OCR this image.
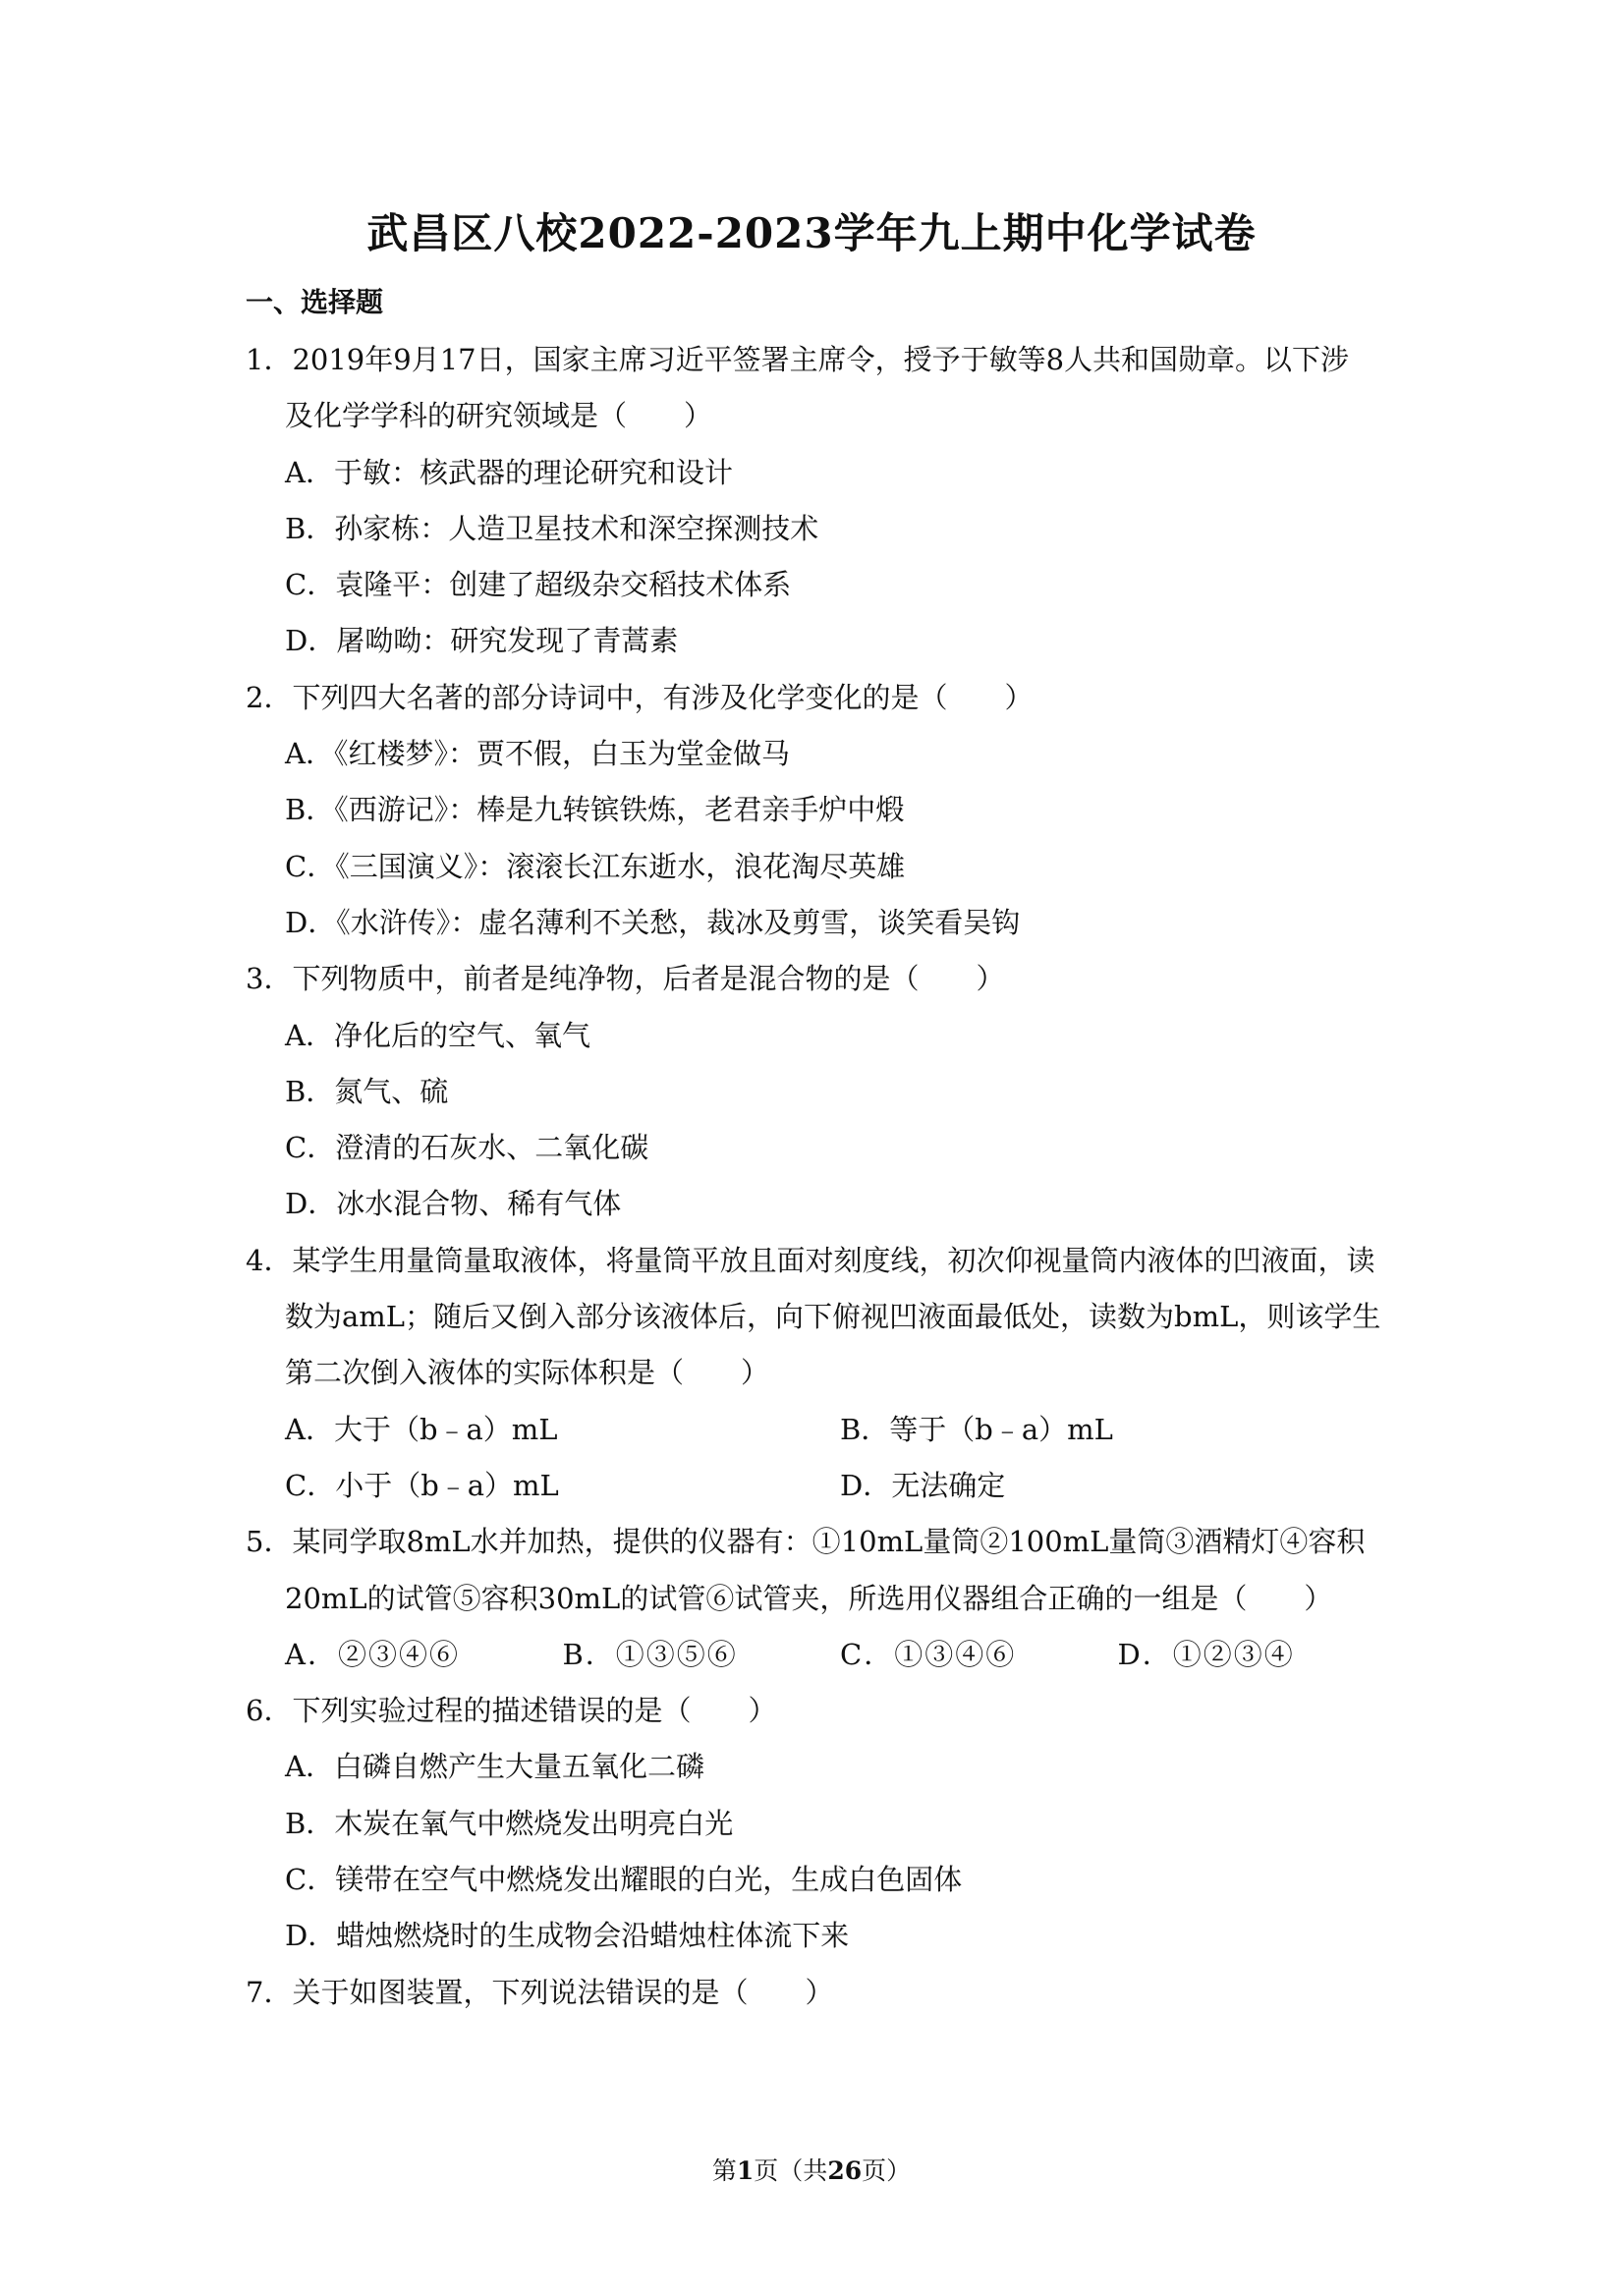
武昌区八校2022-2023学年九上期中化学试卷
一、选择题
1．2019年9月17日，国家主席习近平签署主席令，授予于敏等8人共和国勋章。以下涉
及化学学科的研究领域是（　　）
A．于敏：核武器的理论研究和设计
B．孙家栋：人造卫星技术和深空探测技术
C．袁隆平：创建了超级杂交稻技术体系
D．屠呦呦：研究发现了青蒿素
2．下列四大名著的部分诗词中，有涉及化学变化的是（　　）
A．《红楼梦》：贾不假，白玉为堂金做马
B．《西游记》：棒是九转镔铁炼，老君亲手炉中煅
C．《三国演义》：滚滚长江东逝水，浪花淘尽英雄
D．《水浒传》：虚名薄利不关愁，裁冰及剪雪，谈笑看吴钩
3．下列物质中，前者是纯净物，后者是混合物的是（　　）
A．净化后的空气、氧气
B．氮气、硫
C．澄清的石灰水、二氧化碳
D．冰水混合物、稀有气体
4．某学生用量筒量取液体，将量筒平放且面对刻度线，初次仰视量筒内液体的凹液面，读
数为amL；随后又倒入部分该液体后，向下俯视凹液面最低处，读数为bmL，则该学生
第二次倒入液体的实际体积是（　　）
A．大于（b﹣a）mL	B．等于（b﹣a）mL
C．小于（b﹣a）mL	D．无法确定
5．某同学取8mL水并加热，提供的仪器有：①10mL量筒②100mL量筒③酒精灯④容积
20mL的试管⑤容积30mL的试管⑥试管夹，所选用仪器组合正确的一组是（　　）
A．②③④⑥	B．①③⑤⑥	C．①③④⑥	D．①②③④
6．下列实验过程的描述错误的是（　　）
A．白磷自燃产生大量五氧化二磷
B．木炭在氧气中燃烧发出明亮白光
C．镁带在空气中燃烧发出耀眼的白光，生成白色固体
D．蜡烛燃烧时的生成物会沿蜡烛柱体流下来
7．关于如图装置，下列说法错误的是（　　）
第1页（共26页）
